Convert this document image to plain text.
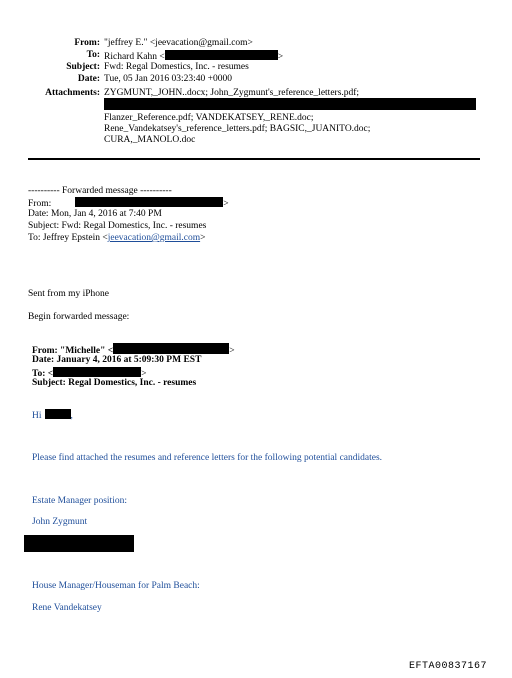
From: "jeffrey E." <jeevacation@gmail.com>
To: Richard Kahn <	>
Subject: Fwd: Regal Domestics, Inc. - resumes
Date: Tue, 05 Jan 2016 03:23:40 +0000
Attachments: ZYGMUNT,_JOHN..docx; John_Zygmunt's_reference_letters.pdf;
Flanzer_Reference.pdf; VANDEKATSEY,_RENE.doc;
Rene_Vandekatsey's_reference_letters.pdf; BAGSIC,_JUANITO.doc;
CURA,_MANOLO.doc
---------- Forwarded message ----------
From:	>
Date: Mon, Jan 4, 2016 at 7:40 PM
Subject: Fwd: Regal Domestics, Inc. - resumes
To: Jeffrey Epstein <jeevacation@gmail.com>
Sent from my iPhone
Begin forwarded message:
From: "Michelle" <	>
Date: January 4, 2016 at 5:09:30 PM EST
To: <	>
Subject: Regal Domestics, Inc. - resumes
Hi	,
Please find attached the resumes and reference letters for the following potential candidates.
Estate Manager position:
John Zygmunt
House Manager/Houseman for Palm Beach:
Rene Vandekatsey
EFTA00837167
